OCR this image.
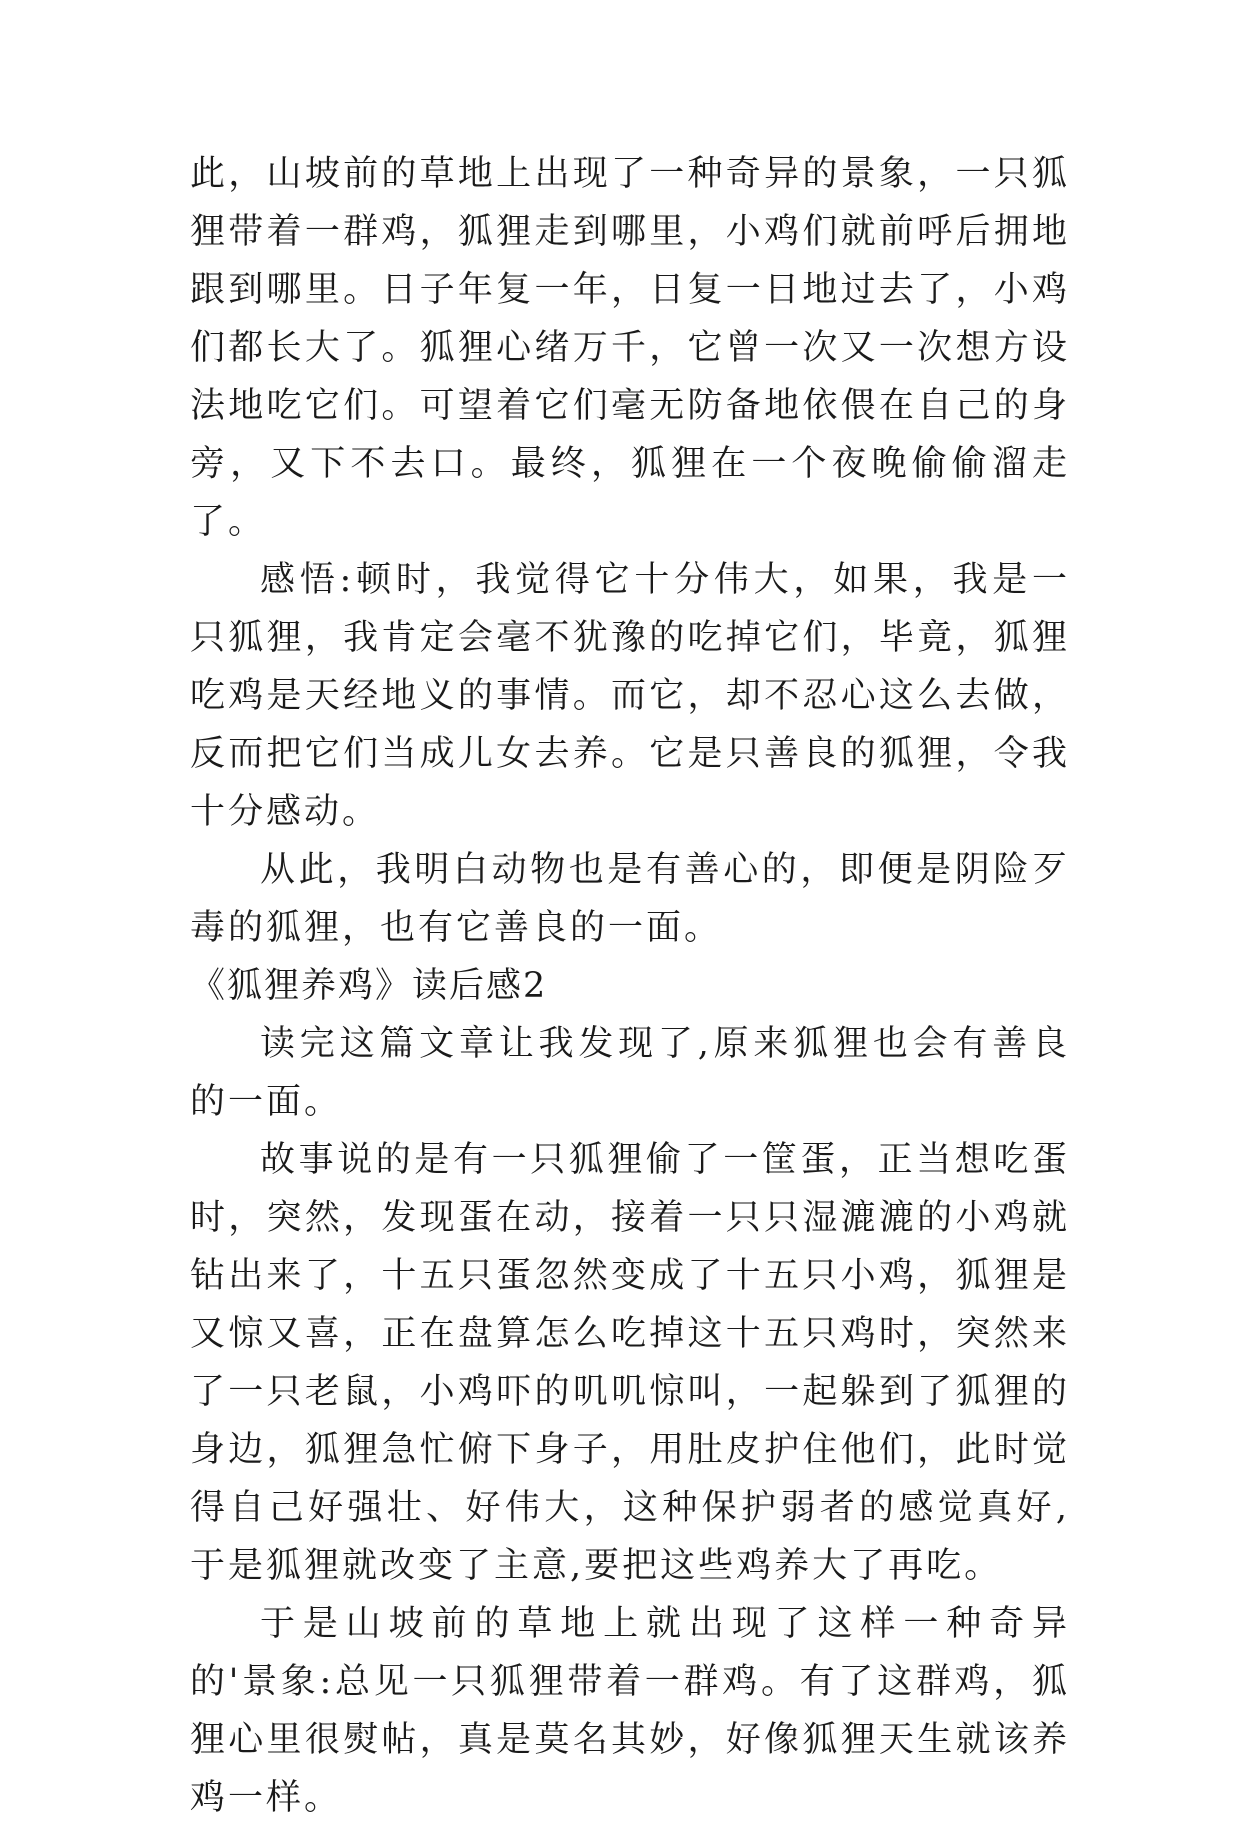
此，山坡前的草地上出现了一种奇异的景象，一只狐狸带着一群鸡，狐狸走到哪里，小鸡们就前呼后拥地跟到哪里。日子年复一年，日复一日地过去了，小鸡们都长大了。狐狸心绪万千，它曾一次又一次想方设法地吃它们。可望着它们毫无防备地依偎在自己的身旁，又下不去口。最终，狐狸在一个夜晚偷偷溜走了。

感悟:顿时，我觉得它十分伟大，如果，我是一只狐狸，我肯定会毫不犹豫的吃掉它们，毕竟，狐狸吃鸡是天经地义的事情。而它，却不忍心这么去做，反而把它们当成儿女去养。它是只善良的狐狸，令我十分感动。

从此，我明白动物也是有善心的，即便是阴险歹毒的狐狸，也有它善良的一面。

《狐狸养鸡》读后感2

读完这篇文章让我发现了,原来狐狸也会有善良的一面。

故事说的是有一只狐狸偷了一筐蛋，正当想吃蛋时，突然，发现蛋在动，接着一只只湿漉漉的小鸡就钻出来了，十五只蛋忽然变成了十五只小鸡，狐狸是又惊又喜，正在盘算怎么吃掉这十五只鸡时，突然来了一只老鼠，小鸡吓的叽叽惊叫，一起躲到了狐狸的身边，狐狸急忙俯下身子，用肚皮护住他们，此时觉得自己好强壮、好伟大，这种保护弱者的感觉真好,于是狐狸就改变了主意,要把这些鸡养大了再吃。

于是山坡前的草地上就出现了这样一种奇异的'景象:总见一只狐狸带着一群鸡。有了这群鸡，狐狸心里很熨帖，真是莫名其妙，好像狐狸天生就该养鸡一样。
